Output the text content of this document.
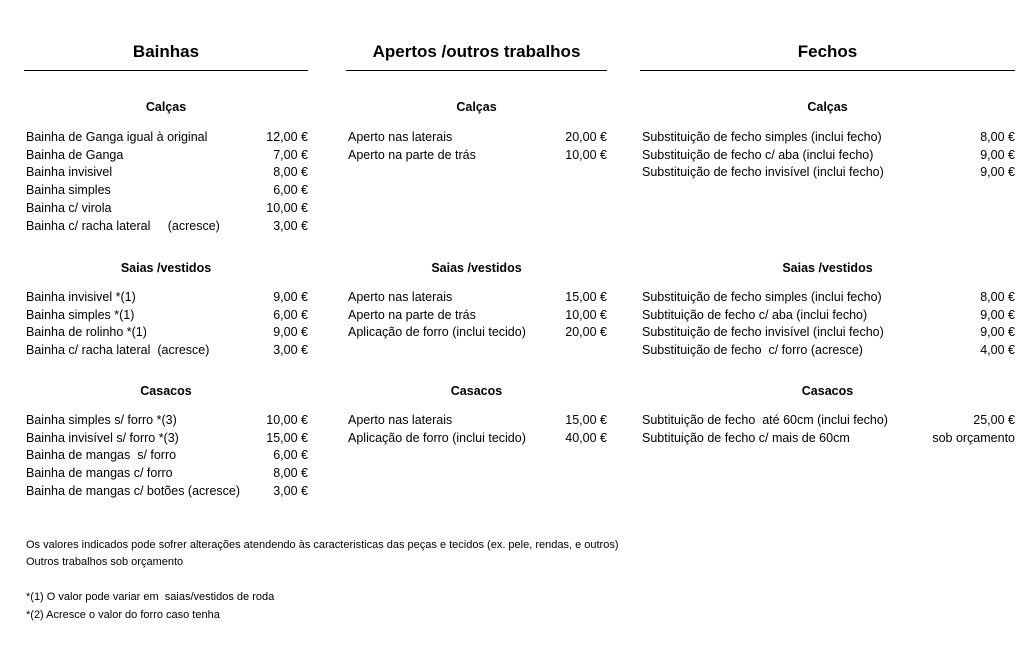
Bainhas
Calças
Bainha de Ganga igual à original	12,00 €
Bainha de Ganga	7,00 €
Bainha invisivel	8,00 €
Bainha simples	6,00 €
Bainha c/ virola	10,00 €
Bainha c/ racha lateral     (acresce)	3,00 €
Saias /vestidos
Bainha invisivel *(1)	9,00 €
Bainha simples *(1)	6,00 €
Bainha de rolinho *(1)	9,00 €
Bainha c/ racha lateral  (acresce)	3,00 €
Casacos
Bainha simples s/ forro *(3)	10,00 €
Bainha invisível s/ forro *(3)	15,00 €
Bainha de mangas  s/ forro	6,00 €
Bainha de mangas c/ forro	8,00 €
Bainha de mangas c/ botões (acresce)	3,00 €
Apertos /outros trabalhos
Calças
Aperto nas laterais	20,00 €
Aperto na parte de trás	10,00 €
Saias /vestidos
Aperto nas laterais	15,00 €
Aperto na parte de trás	10,00 €
Aplicação de forro (inclui tecido)	20,00 €
Casacos
Aperto nas laterais	15,00 €
Aplicação de forro (inclui tecido)	40,00 €
Fechos
Calças
Substituição de fecho simples (inclui fecho)	8,00 €
Substituição de fecho c/ aba (inclui fecho)	9,00 €
Substituição de fecho invisível (inclui fecho)	9,00 €
Saias /vestidos
Substituição de fecho simples (inclui fecho)	8,00 €
Subtituição de fecho c/ aba (inclui fecho)	9,00 €
Substituição de fecho invisível (inclui fecho)	9,00 €
Substituição de fecho  c/ forro (acresce)	4,00 €
Casacos
Subtituição de fecho  até 60cm (inclui fecho)	25,00 €
Subtituição de fecho c/ mais de 60cm	sob orçamento
Os valores indicados pode sofrer alterações atendendo às caracteristicas das peças e tecidos (ex. pele, rendas, e outros)
Outros trabalhos sob orçamento
*(1) O valor pode variar em  saias/vestidos de roda
*(2) Acresce o valor do forro caso tenha
